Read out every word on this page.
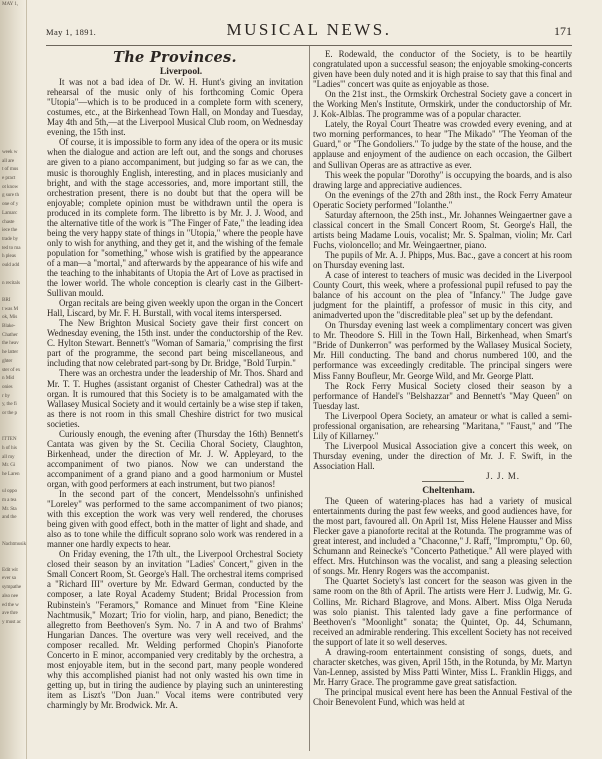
MAY 1,

week w
all are
t of mus
e pract
ot know
g sure th
one of y
Lamarc
chaste
iece the
trade by
ted to ma
h pleas
ould add

n recitals

BRI
t was M
ok, Mis
Blake-
Chather
the heav
he latter
ghter
ster of ex
n Mid
onies
r by
y, the fi
or the p

ITTEN
h of his
all my
Mr. Gi
he Laren

ul oppo
m a tea
Mr. Sta
and the

Nachtmusik

Edit wit
ever sa
sympathe
also nee
ed the w
ave thre
y must ac
May 1, 1891.	MUSICAL NEWS.	171
The Provinces.

Liverpool.

It was not a bad idea of Dr. W. H. Hunt's giving an invitation rehearsal of the music only of his forthcoming Comic Opera "Utopia"—which is to be produced in a complete form with scenery, costumes, etc., at the Birkenhead Town Hall, on Monday and Tuesday, May 4th and 5th,—at the Liverpool Musical Club room, on Wednesday evening, the 15th inst.

Of course, it is impossible to form any idea of the opera or its music when the dialogue and action are left out, and the songs and choruses are given to a piano accompaniment, but judging so far as we can, the music is thoroughly English, interesting, and in places musicianly and bright, and with the stage accessories, and, more important still, the orchestration present, there is no doubt but that the opera will be enjoyable; complete opinion must be withdrawn until the opera is produced in its complete form. The libretto is by Mr. J. J. Wood, and the alternative title of the work is "The Finger of Fate," the leading idea being the very happy state of things in "Utopia," where the people have only to wish for anything, and they get it, and the wishing of the female population for "something," whose wish is gratified by the appearance of a man—a "mortal," and afterwards by the appearance of his wife and the teaching to the inhabitants of Utopia the Art of Love as practised in the lower world. The whole conception is clearly cast in the Gilbert-Sullivan mould.

Organ recitals are being given weekly upon the organ in the Concert Hall, Liscard, by Mr. F. H. Burstall, with vocal items interspersed.

The New Brighton Musical Society gave their first concert on Wednesday evening, the 15th inst. under the conductorship of the Rev. C. Hylton Stewart. Bennett's "Woman of Samaria," comprising the first part of the programme, the second part being miscellaneous, and including that now celebrated part-song by Dr. Bridge, "Bold Turpin."

There was an orchestra under the leadership of Mr. Thos. Shard and Mr. T. T. Hughes (assistant organist of Chester Cathedral) was at the organ. It is rumoured that this Society is to be amalgamated with the Wallasey Musical Society and it would certainly be a wise step if taken, as there is not room in this small Cheshire district for two musical societies.

Curiously enough, the evening after (Thursday the 16th) Bennett's Cantata was given by the St. Cecilia Choral Society, Claughton, Birkenhead, under the direction of Mr. J. W. Appleyard, to the accompaniment of two pianos. Now we can understand the accompaniment of a grand piano and a good harmonium or Mustel organ, with good performers at each instrument, but two pianos!

In the second part of the concert, Mendelssohn's unfinished "Loreley" was performed to the same accompaniment of two pianos; with this exception the work was very well rendered, the choruses being given with good effect, both in the matter of light and shade, and also as to tone while the difficult soprano solo work was rendered in a manner one hardly expects to hear.

On Friday evening, the 17th ult., the Liverpool Orchestral Society closed their season by an invitation "Ladies' Concert," given in the Small Concert Room, St. George's Hall. The orchestral items comprised a "Richard III" overture by Mr. Edward German, conducted by the composer, a late Royal Academy Student; Bridal Procession from Rubinstein's "Feramors," Romance and Minuet from "Eine Kleine Nachtmusik," Mozart; Trio for violin, harp, and piano, Benedict; the allegretto from Beethoven's Sym. No. 7 in A and two of Brahms' Hungarian Dances. The overture was very well received, and the composer recalled. Mr. Welding performed Chopin's Pianoforte Concerto in E minor, accompanied very creditably by the orchestra, a most enjoyable item, but in the second part, many people wondered why this accomplished pianist had not only wasted his own time in getting up, but in tiring the audience by playing such an uninteresting item as Liszt's "Don Juan." Vocal items were contributed very charmingly by Mr. Brodwick. Mr. A.

E. Rodewald, the conductor of the Society, is to be heartily congratulated upon a successful season; the enjoyable smoking-concerts given have been duly noted and it is high praise to say that this final and "Ladies'" concert was quite as enjoyable as those.

On the 21st inst., the Ormskirk Orchestral Society gave a concert in the Working Men's Institute, Ormskirk, under the conductorship of Mr. J. Kok-Alblas. The programme was of a popular character.

Lately, the Royal Court Theatre was crowded every evening, and at two morning performances, to hear "The Mikado" "The Yeoman of the Guard," or "The Gondoliers." To judge by the state of the house, and the applause and enjoyment of the audience on each occasion, the Gilbert and Sullivan Operas are as attractive as ever.

This week the popular "Dorothy" is occupying the boards, and is also drawing large and appreciative audiences.

On the evenings of the 27th and 28th inst., the Rock Ferry Amateur Operatic Society performed "Iolanthe."

Saturday afternoon, the 25th inst., Mr. Johannes Weingaertner gave a classical concert in the Small Concert Room, St. George's Hall, the artists being Madame Louis, vocalist; Mr. S. Spalman, violin; Mr. Carl Fuchs, violoncello; and Mr. Weingaertner, piano.

The pupils of Mr. A. J. Phipps, Mus. Bac., gave a concert at his room on Thursday evening last.

A case of interest to teachers of music was decided in the Liverpool County Court, this week, where a professional pupil refused to pay the balance of his account on the plea of "Infancy." The Judge gave judgment for the plaintiff, a professor of music in this city, and animadverted upon the "discreditable plea" set up by the defendant.

On Thursday evening last week a complimentary concert was given to Mr. Theodore S. Hill in the Town Hall, Birkenhead, when Smart's "Bride of Dunkerron" was performed by the Wallasey Musical Society, Mr. Hill conducting. The band and chorus numbered 100, and the performance was exceedingly creditable. The principal singers were Miss Fanny Boufleur, Mr. George Wild, and Mr. George Platt.

The Rock Ferry Musical Society closed their season by a performance of Handel's "Belshazzar" and Bennett's "May Queen" on Tuesday last.

The Liverpool Opera Society, an amateur or what is called a semi-professional organisation, are rehearsing "Maritana," "Faust," and "The Lily of Killarney."

The Liverpool Musical Association give a concert this week, on Thursday evening, under the direction of Mr. J. F. Swift, in the Association Hall.

J. J. M.

Cheltenham.

The Queen of watering-places has had a variety of musical entertainments during the past few weeks, and good audiences have, for the most part, favoured all. On April 1st, Miss Helene Hausser and Miss Flecker gave a pianoforte recital at the Rotunda. The programme was of great interest, and included a "Chaconne," J. Raff, "Impromptu," Op. 60, Schumann and Reinecke's "Concerto Pathetique." All were played with effect. Mrs. Hutchinson was the vocalist, and sang a pleasing selection of songs. Mr. Henry Rogers was the accompanist.

The Quartet Society's last concert for the season was given in the same room on the 8th of April. The artists were Herr J. Ludwig, Mr. G. Collins, Mr. Richard Blagrove, and Mons. Albert. Miss Olga Neruda was solo pianist. This talented lady gave a fine performance of Beethoven's "Moonlight" sonata; the Quintet, Op. 44, Schumann, received an admirable rendering. This excellent Society has not received the support of late it so well deserves.

A drawing-room entertainment consisting of songs, duets, and character sketches, was given, April 15th, in the Rotunda, by Mr. Martyn Van-Lennep, assisted by Miss Patti Winter, Miss L. Franklin Higgs, and Mr. Harry Grace. The programme gave great satisfaction.

The principal musical event here has been the Annual Festival of the Choir Benevolent Fund, which was held at
